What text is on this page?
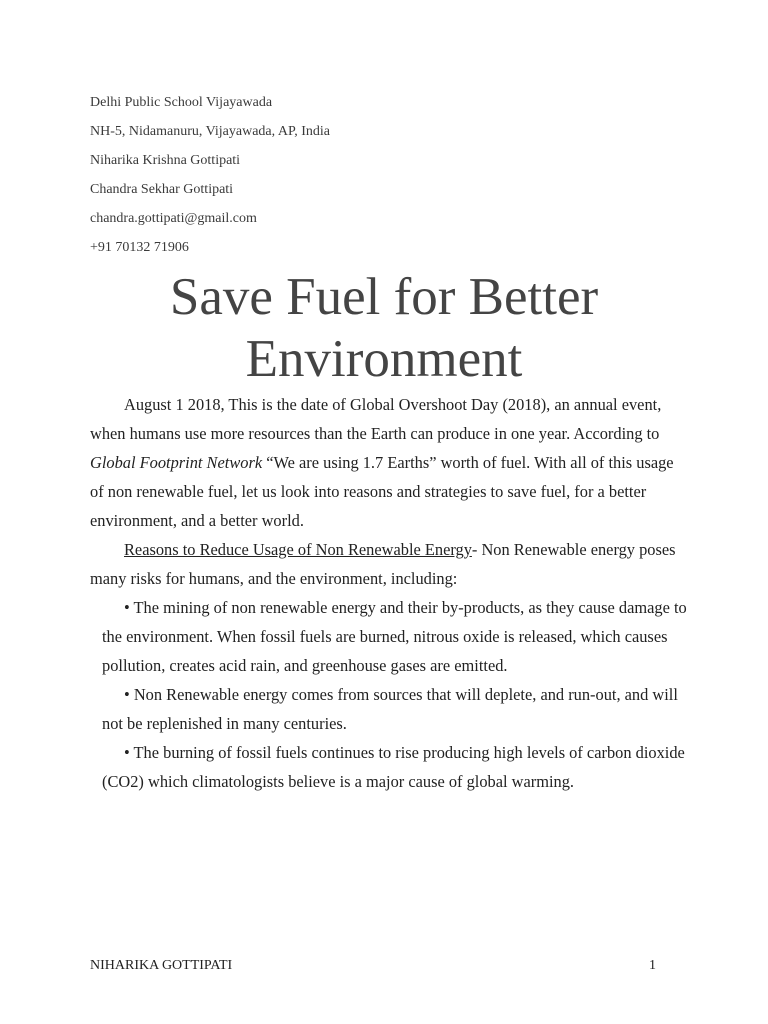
Delhi Public School Vijayawada
NH-5, Nidamanuru, Vijayawada, AP, India
Niharika Krishna Gottipati
Chandra Sekhar Gottipati
chandra.gottipati@gmail.com
+91 70132 71906
Save Fuel for Better
Environment

August 1 2018, This is the date of Global Overshoot Day (2018), an annual event, when humans use more resources than the Earth can produce in one year. According to Global Footprint Network “We are using 1.7 Earths” worth of fuel. With all of this usage of non renewable fuel, let us look into reasons and strategies to save fuel, for a better environment, and a better world.

Reasons to Reduce Usage of Non Renewable Energy- Non Renewable energy poses many risks for humans, and the environment, including:

• The mining of non renewable energy and their by-products, as they cause damage to the environment. When fossil fuels are burned, nitrous oxide is released, which causes pollution, creates acid rain, and greenhouse gases are emitted.

• Non Renewable energy comes from sources that will deplete, and run-out, and will not be replenished in many centuries.

• The burning of fossil fuels continues to rise producing high levels of carbon dioxide (CO2) which climatologists believe is a major cause of global warming.

NIHARIKA GOTTIPATI	1
